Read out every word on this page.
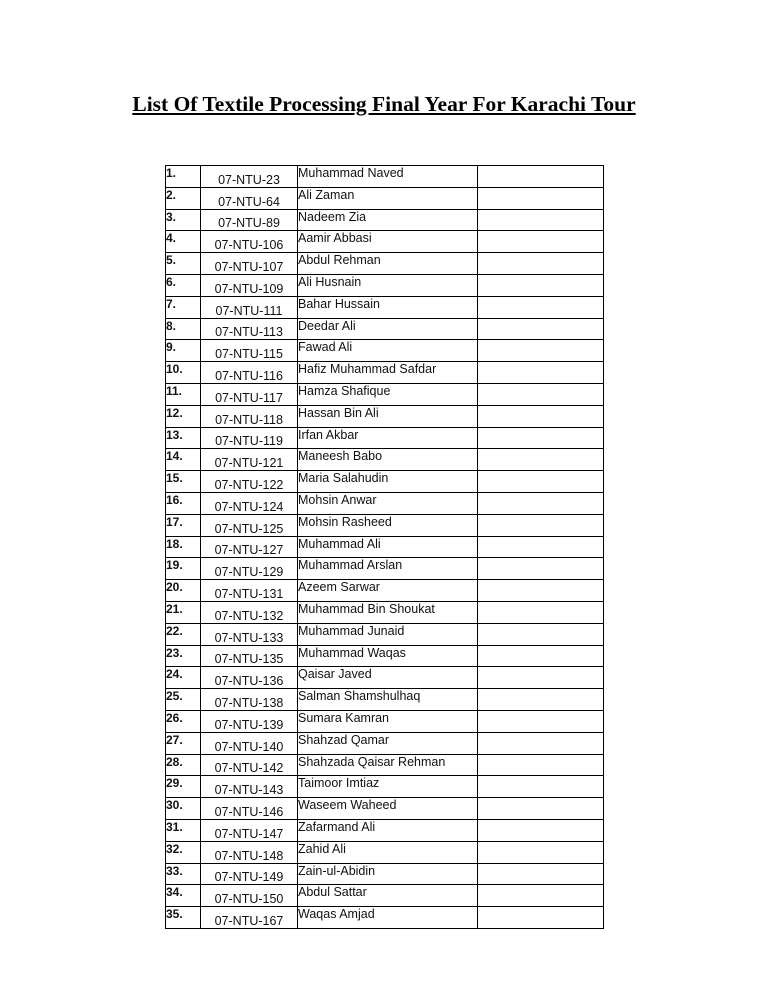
List Of Textile Processing Final Year For Karachi Tour
1.	07-NTU-23	Muhammad Naved	
2.	07-NTU-64	Ali Zaman	
3.	07-NTU-89	Nadeem Zia	
4.	07-NTU-106	Aamir Abbasi	
5.	07-NTU-107	Abdul Rehman	
6.	07-NTU-109	Ali Husnain	
7.	07-NTU-111	Bahar Hussain	
8.	07-NTU-113	Deedar Ali	
9.	07-NTU-115	Fawad Ali	
10.	07-NTU-116	Hafiz Muhammad Safdar	
11.	07-NTU-117	Hamza Shafique	
12.	07-NTU-118	Hassan Bin Ali	
13.	07-NTU-119	Irfan Akbar	
14.	07-NTU-121	Maneesh Babo	
15.	07-NTU-122	Maria Salahudin	
16.	07-NTU-124	Mohsin Anwar	
17.	07-NTU-125	Mohsin Rasheed	
18.	07-NTU-127	Muhammad Ali	
19.	07-NTU-129	Muhammad Arslan	
20.	07-NTU-131	Azeem Sarwar	
21.	07-NTU-132	Muhammad Bin Shoukat	
22.	07-NTU-133	Muhammad Junaid	
23.	07-NTU-135	Muhammad Waqas	
24.	07-NTU-136	Qaisar Javed	
25.	07-NTU-138	Salman Shamshulhaq	
26.	07-NTU-139	Sumara Kamran	
27.	07-NTU-140	Shahzad Qamar	
28.	07-NTU-142	Shahzada Qaisar Rehman	
29.	07-NTU-143	Taimoor Imtiaz	
30.	07-NTU-146	Waseem Waheed	
31.	07-NTU-147	Zafarmand Ali	
32.	07-NTU-148	Zahid Ali	
33.	07-NTU-149	Zain-ul-Abidin	
34.	07-NTU-150	Abdul Sattar	
35.	07-NTU-167	Waqas Amjad	
